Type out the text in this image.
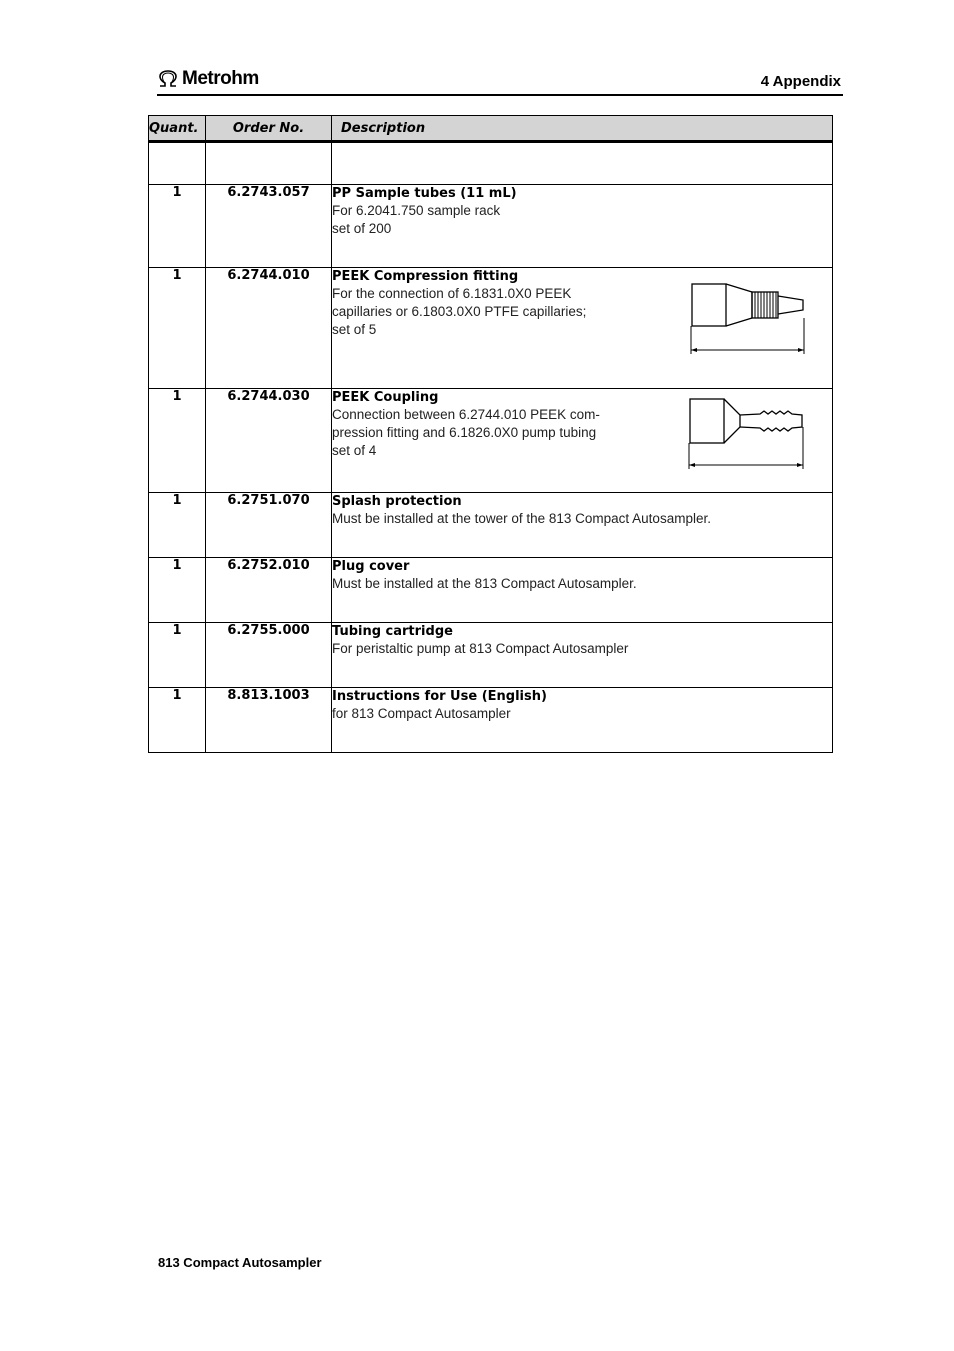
Metrohm	4 Appendix
Quant.	Order No.	Description

1	6.2743.057	PP Sample tubes (11 mL)
For 6.2041.750 sample rack
set of 200

1	6.2744.010	PEEK Compression fitting
For the connection of 6.1831.0X0 PEEK
capillaries or 6.1803.0X0 PTFE capillaries;
set of 5

1	6.2744.030	PEEK Coupling
Connection between 6.2744.010 PEEK com-
pression fitting and 6.1826.0X0 pump tubing
set of 4

1	6.2751.070	Splash protection
Must be installed at the tower of the 813 Compact Autosampler.

1	6.2752.010	Plug cover
Must be installed at the 813 Compact Autosampler.

1	6.2755.000	Tubing cartridge
For peristaltic pump at 813 Compact Autosampler

1	8.813.1003	Instructions for Use (English)
for 813 Compact Autosampler
813 Compact Autosampler
